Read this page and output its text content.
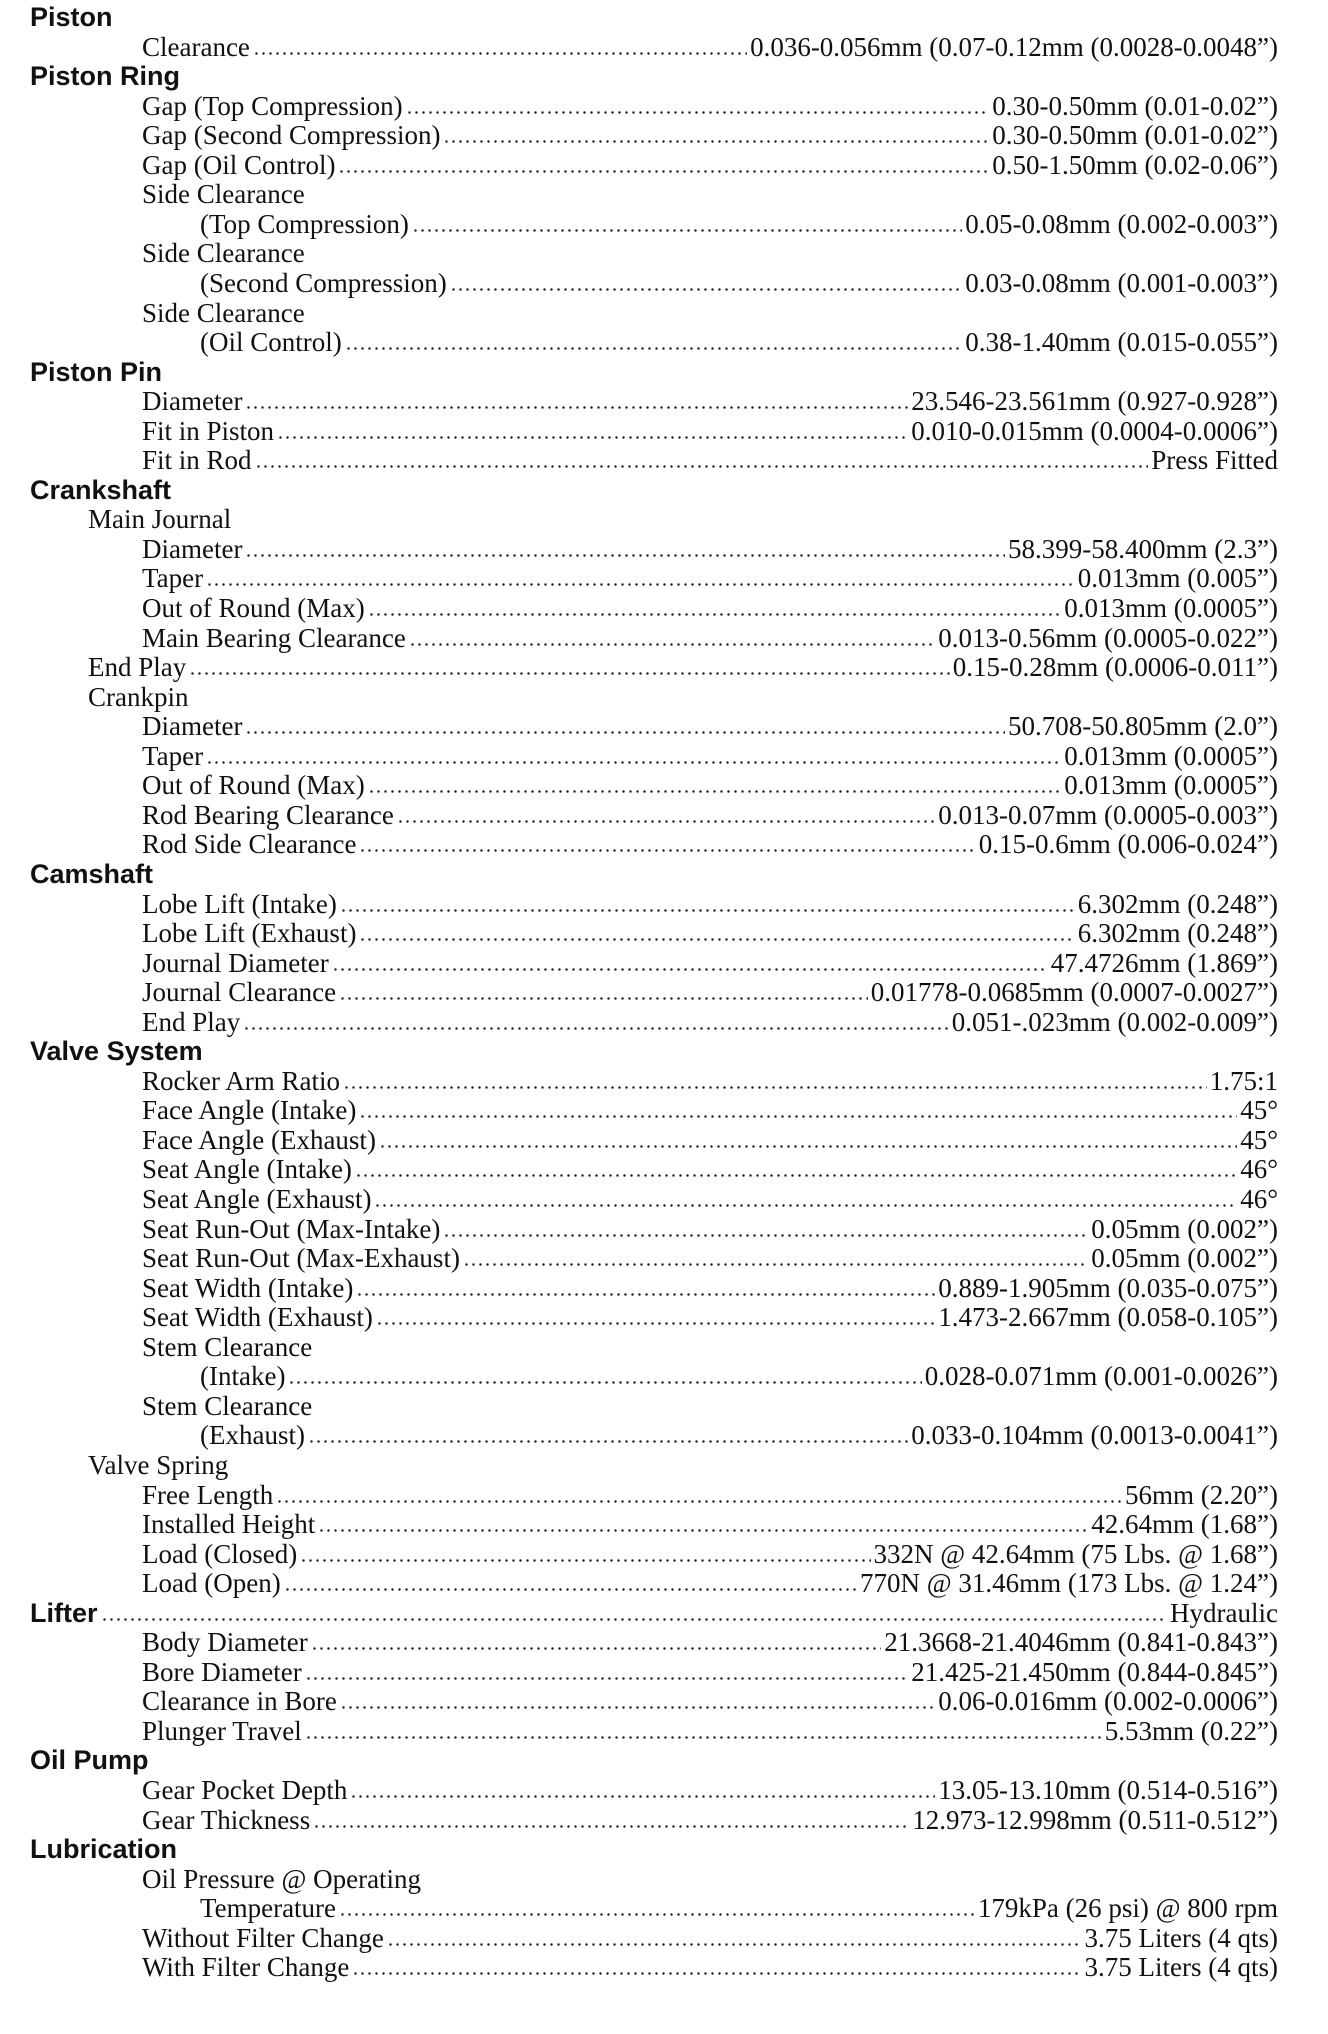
Piston
Clearance	0.036-0.056mm (0.07-0.12mm (0.0028-0.0048”)
Piston Ring
Gap (Top Compression)	0.30-0.50mm (0.01-0.02”)
Gap (Second Compression)	0.30-0.50mm (0.01-0.02”)
Gap (Oil Control)	0.50-1.50mm (0.02-0.06”)
Side Clearance
(Top Compression)	0.05-0.08mm (0.002-0.003”)
Side Clearance
(Second Compression)	0.03-0.08mm (0.001-0.003”)
Side Clearance
(Oil Control)	0.38-1.40mm (0.015-0.055”)
Piston Pin
Diameter	23.546-23.561mm (0.927-0.928”)
Fit in Piston	0.010-0.015mm (0.0004-0.0006”)
Fit in Rod	Press Fitted
Crankshaft
Main Journal
Diameter	58.399-58.400mm (2.3”)
Taper	0.013mm (0.005”)
Out of Round (Max)	0.013mm (0.0005”)
Main Bearing Clearance	0.013-0.56mm (0.0005-0.022”)
End Play	0.15-0.28mm (0.0006-0.011”)
Crankpin
Diameter	50.708-50.805mm (2.0”)
Taper	0.013mm (0.0005”)
Out of Round (Max)	0.013mm (0.0005”)
Rod Bearing Clearance	0.013-0.07mm (0.0005-0.003”)
Rod Side Clearance	0.15-0.6mm (0.006-0.024”)
Camshaft
Lobe Lift (Intake)	6.302mm (0.248”)
Lobe Lift (Exhaust)	6.302mm (0.248”)
Journal Diameter	47.4726mm (1.869”)
Journal Clearance	0.01778-0.0685mm (0.0007-0.0027”)
End Play	0.051-.023mm (0.002-0.009”)
Valve System
Rocker Arm Ratio	1.75:1
Face Angle (Intake)	45°
Face Angle (Exhaust)	45°
Seat Angle (Intake)	46°
Seat Angle (Exhaust)	46°
Seat Run-Out (Max-Intake)	0.05mm (0.002”)
Seat Run-Out (Max-Exhaust)	0.05mm (0.002”)
Seat Width (Intake)	0.889-1.905mm (0.035-0.075”)
Seat Width (Exhaust)	1.473-2.667mm (0.058-0.105”)
Stem Clearance
(Intake)	0.028-0.071mm (0.001-0.0026”)
Stem Clearance
(Exhaust)	0.033-0.104mm (0.0013-0.0041”)
Valve Spring
Free Length	56mm (2.20”)
Installed Height	42.64mm (1.68”)
Load (Closed)	332N @ 42.64mm (75 Lbs. @ 1.68”)
Load (Open)	770N @ 31.46mm (173 Lbs. @ 1.24”)
Lifter	Hydraulic
Body Diameter	21.3668-21.4046mm (0.841-0.843”)
Bore Diameter	21.425-21.450mm (0.844-0.845”)
Clearance in Bore	0.06-0.016mm (0.002-0.0006”)
Plunger Travel	5.53mm (0.22”)
Oil Pump
Gear Pocket Depth	13.05-13.10mm (0.514-0.516”)
Gear Thickness	12.973-12.998mm (0.511-0.512”)
Lubrication
Oil Pressure @ Operating
Temperature	179kPa (26 psi) @ 800 rpm
Without Filter Change	3.75 Liters (4 qts)
With Filter Change	3.75 Liters (4 qts)
